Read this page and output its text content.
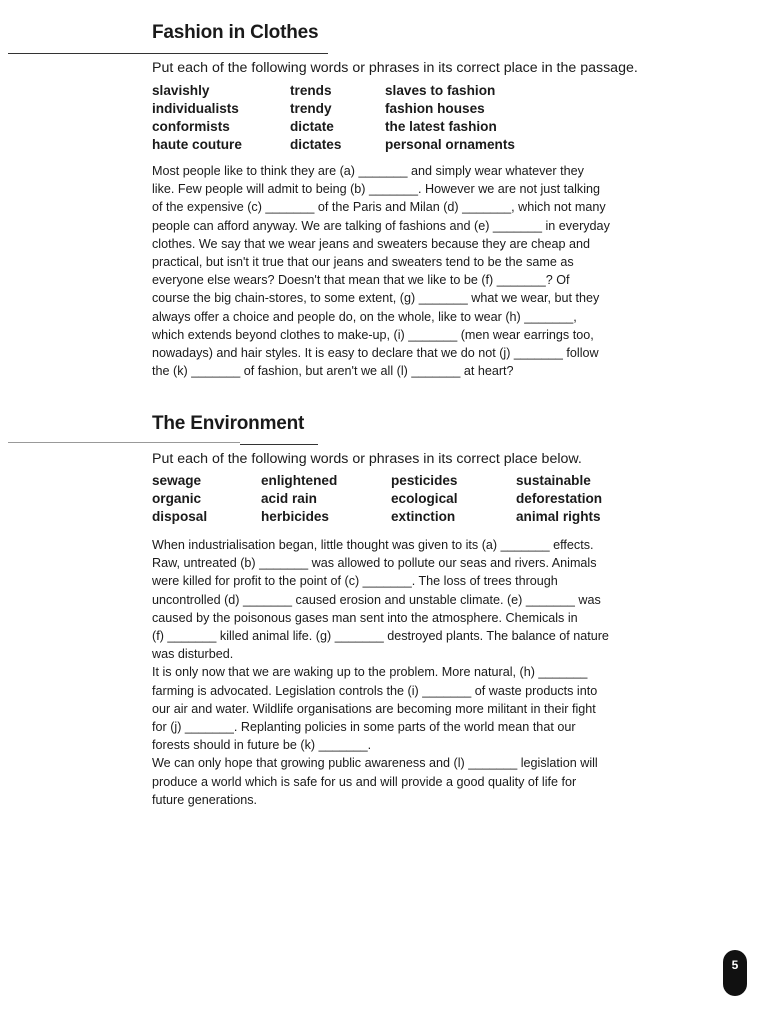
Fashion in Clothes

Put each of the following words or phrases in its correct place in the passage.

slavishly	trends	slaves to fashion
individualists	trendy	fashion houses
conformists	dictate	the latest fashion
haute couture	dictates	personal ornaments
Most people like to think they are (a) _______ and simply wear whatever they
like. Few people will admit to being (b) _______. However we are not just talking
of the expensive (c) _______ of the Paris and Milan (d) _______, which not many
people can afford anyway. We are talking of fashions and (e) _______ in everyday
clothes. We say that we wear jeans and sweaters because they are cheap and
practical, but isn't it true that our jeans and sweaters tend to be the same as
everyone else wears? Doesn't that mean that we like to be (f) _______? Of
course the big chain-stores, to some extent, (g) _______ what we wear, but they
always offer a choice and people do, on the whole, like to wear (h) _______,
which extends beyond clothes to make-up, (i) _______ (men wear earrings too,
nowadays) and hair styles. It is easy to declare that we do not (j) _______ follow
the (k) _______ of fashion, but aren't we all (l) _______ at heart?
The Environment

Put each of the following words or phrases in its correct place below.

sewage	enlightened	pesticides	sustainable
organic	acid rain	ecological	deforestation
disposal	herbicides	extinction	animal rights
When industrialisation began, little thought was given to its (a) _______ effects.
Raw, untreated (b) _______ was allowed to pollute our seas and rivers. Animals
were killed for profit to the point of (c) _______. The loss of trees through
uncontrolled (d) _______ caused erosion and unstable climate. (e) _______ was
caused by the poisonous gases man sent into the atmosphere. Chemicals in
(f) _______ killed animal life. (g) _______ destroyed plants. The balance of nature
was disturbed.
It is only now that we are waking up to the problem. More natural, (h) _______
farming is advocated. Legislation controls the (i) _______ of waste products into
our air and water. Wildlife organisations are becoming more militant in their fight
for (j) _______. Replanting policies in some parts of the world mean that our
forests should in future be (k) _______.
We can only hope that growing public awareness and (l) _______ legislation will
produce a world which is safe for us and will provide a good quality of life for
future generations.
5
